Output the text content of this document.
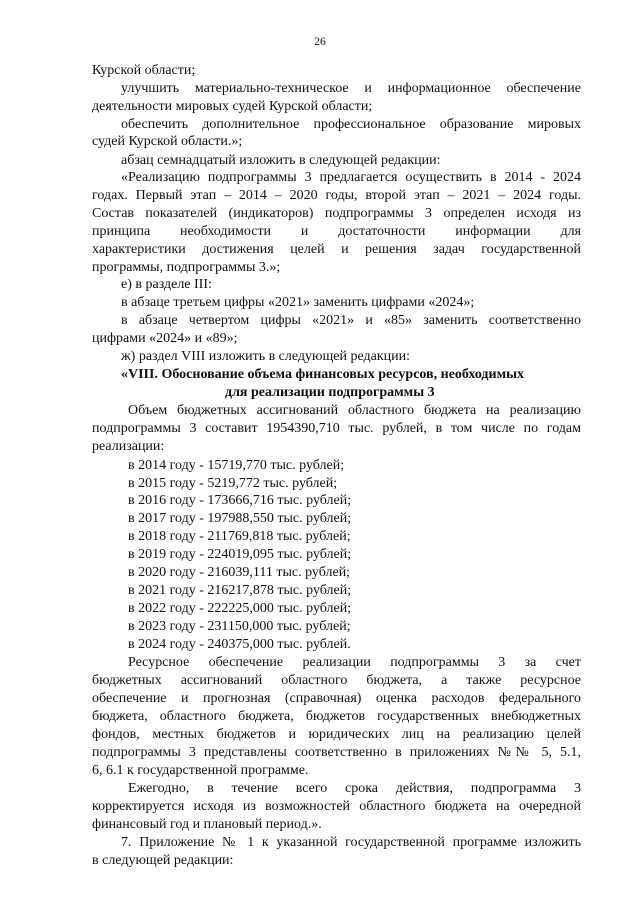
26
Курской области;
улучшить материально-техническое и информационное обеспечение
деятельности мировых судей Курской области;
обеспечить дополнительное профессиональное образование мировых
судей Курской области.»;
абзац семнадцатый изложить в следующей редакции:
«Реализацию подпрограммы 3 предлагается осуществить в 2014 - 2024
годах. Первый этап – 2014 – 2020 годы, второй этап – 2021 – 2024 годы.
Состав показателей (индикаторов) подпрограммы 3 определен исходя из
принципа необходимости и достаточности информации для
характеристики достижения целей и решения задач государственной
программы, подпрограммы 3.»;
е) в разделе III:
в абзаце третьем цифры «2021» заменить цифрами «2024»;
в абзаце четвертом цифры «2021» и «85» заменить соответственно
цифрами «2024» и «89»;
ж) раздел VIII изложить в следующей редакции:
«VIII. Обоснование объема финансовых ресурсов, необходимых
для реализации подпрограммы 3
Объем бюджетных ассигнований областного бюджета на реализацию
подпрограммы 3 составит 1954390,710 тыс. рублей, в том числе по годам
реализации:
в 2014 году - 15719,770 тыс. рублей;
в 2015 году - 5219,772 тыс. рублей;
в 2016 году - 173666,716 тыс. рублей;
в 2017 году - 197988,550 тыс. рублей;
в 2018 году - 211769,818 тыс. рублей;
в 2019 году - 224019,095 тыс. рублей;
в 2020 году - 216039,111 тыс. рублей;
в 2021 году - 216217,878 тыс. рублей;
в 2022 году - 222225,000 тыс. рублей;
в 2023 году - 231150,000 тыс. рублей;
в 2024 году - 240375,000 тыс. рублей.
Ресурсное обеспечение реализации подпрограммы 3 за счет
бюджетных ассигнований областного бюджета, а также ресурсное
обеспечение и прогнозная (справочная) оценка расходов федерального
бюджета, областного бюджета, бюджетов государственных внебюджетных
фондов, местных бюджетов и юридических лиц на реализацию целей
подпрограммы 3 представлены соответственно в приложениях №№ 5, 5.1,
6, 6.1 к государственной программе.
Ежегодно, в течение всего срока действия, подпрограмма 3
корректируется исходя из возможностей областного бюджета на очередной
финансовый год и плановый период.».
7. Приложение № 1 к указанной государственной программе изложить
в следующей редакции:
